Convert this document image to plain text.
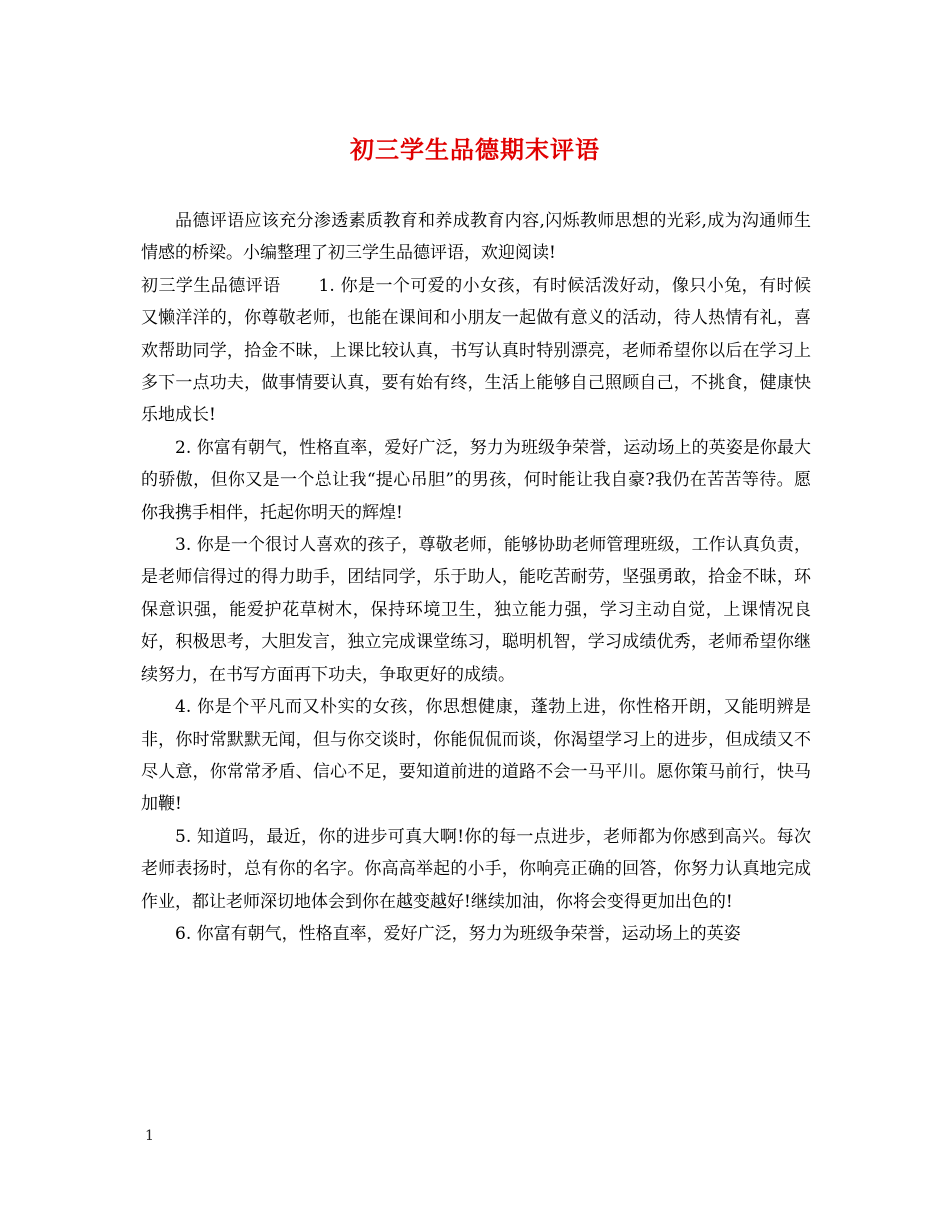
初三学生品德期末评语

品德评语应该充分渗透素质教育和养成教育内容,闪烁教师思想的光彩,成为沟通师生情感的桥梁。小编整理了初三学生品德评语，欢迎阅读!

初三学生品德评语 1. 你是一个可爱的小女孩，有时候活泼好动，像只小兔，有时候又懒洋洋的，你尊敬老师，也能在课间和小朋友一起做有意义的活动，待人热情有礼，喜欢帮助同学，拾金不昧，上课比较认真，书写认真时特别漂亮，老师希望你以后在学习上多下一点功夫，做事情要认真，要有始有终，生活上能够自己照顾自己，不挑食，健康快乐地成长!

2. 你富有朝气，性格直率，爱好广泛，努力为班级争荣誉，运动场上的英姿是你最大的骄傲，但你又是一个总让我“提心吊胆”的男孩，何时能让我自豪?我仍在苦苦等待。愿你我携手相伴，托起你明天的辉煌!

3. 你是一个很讨人喜欢的孩子，尊敬老师，能够协助老师管理班级，工作认真负责，是老师信得过的得力助手，团结同学，乐于助人，能吃苦耐劳，坚强勇敢，拾金不昧，环保意识强，能爱护花草树木，保持环境卫生，独立能力强，学习主动自觉，上课情况良好，积极思考，大胆发言，独立完成课堂练习，聪明机智，学习成绩优秀，老师希望你继续努力，在书写方面再下功夫，争取更好的成绩。

4. 你是个平凡而又朴实的女孩，你思想健康，蓬勃上进，你性格开朗，又能明辨是非，你时常默默无闻，但与你交谈时，你能侃侃而谈，你渴望学习上的进步，但成绩又不尽人意，你常常矛盾、信心不足，要知道前进的道路不会一马平川。愿你策马前行，快马加鞭!

5. 知道吗，最近，你的进步可真大啊!你的每一点进步，老师都为你感到高兴。每次老师表扬时，总有你的名字。你高高举起的小手，你响亮正确的回答，你努力认真地完成作业，都让老师深切地体会到你在越变越好!继续加油，你将会变得更加出色的!

6. 你富有朝气，性格直率，爱好广泛，努力为班级争荣誉，运动场上的英姿

1
